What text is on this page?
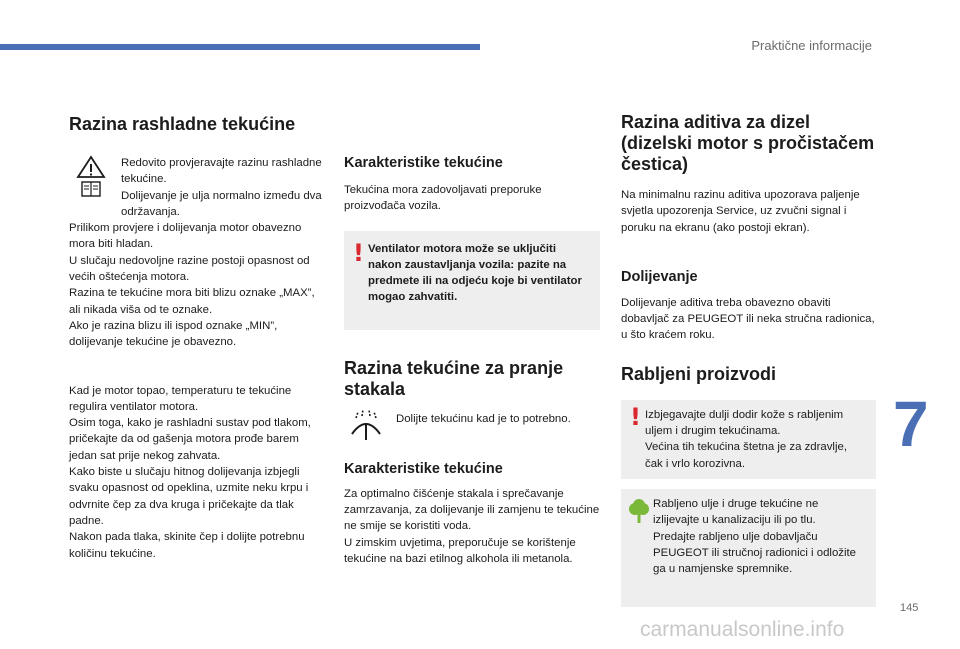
Praktične informacije
7
145
carmanualsonline.info
Razina rashladne tekućine

Redovito provjeravajte razinu rashladne tekućine.
Dolijevanje je ulja normalno između dva održavanja.

Prilikom provjere i dolijevanja motor obavezno mora biti hladan.
U slučaju nedovoljne razine postoji opasnost od većih oštećenja motora.
Razina te tekućine mora biti blizu oznake „MAX”, ali nikada viša od te oznake.
Ako je razina blizu ili ispod oznake „MIN”, dolijevanje tekućine je obavezno.

Kad je motor topao, temperaturu te tekućine regulira ventilator motora.
Osim toga, kako je rashladni sustav pod tlakom, pričekajte da od gašenja motora prođe barem jedan sat prije nekog zahvata.
Kako biste u slučaju hitnog dolijevanja izbjegli svaku opasnost od opeklina, uzmite neku krpu i odvrnite čep za dva kruga i pričekajte da tlak padne.
Nakon pada tlaka, skinite čep i dolijte potrebnu količinu tekućine.

Karakteristike tekućine

Tekućina mora zadovoljavati preporuke proizvođača vozila.

! Ventilator motora može se uključiti nakon zaustavljanja vozila: pazite na predmete ili na odjeću koje bi ventilator mogao zahvatiti.

Razina tekućine za pranje stakala

Dolijte tekućinu kad je to potrebno.

Karakteristike tekućine

Za optimalno čišćenje stakala i sprečavanje zamrzavanja, za dolijevanje ili zamjenu te tekućine ne smije se koristiti voda.
U zimskim uvjetima, preporučuje se korištenje tekućine na bazi etilnog alkohola ili metanola.

Razina aditiva za dizel (dizelski motor s pročistačem čestica)

Na minimalnu razinu aditiva upozorava paljenje svjetla upozorenja Service, uz zvučni signal i poruku na ekranu (ako postoji ekran).

Dolijevanje

Dolijevanje aditiva treba obavezno obaviti dobavljač za PEUGEOT ili neka stručna radionica, u što kraćem roku.

Rabljeni proizvodi
! Izbjegavajte dulji dodir kože s rabljenim uljem i drugim tekućinama.
Većina tih tekućina štetna je za zdravlje, čak i vrlo korozivna.

Rabljeno ulje i druge tekućine ne izlijevajte u kanalizaciju ili po tlu.
Predajte rabljeno ulje dobavljaču PEUGEOT ili stručnoj radionici i odložite ga u namjenske spremnike.
